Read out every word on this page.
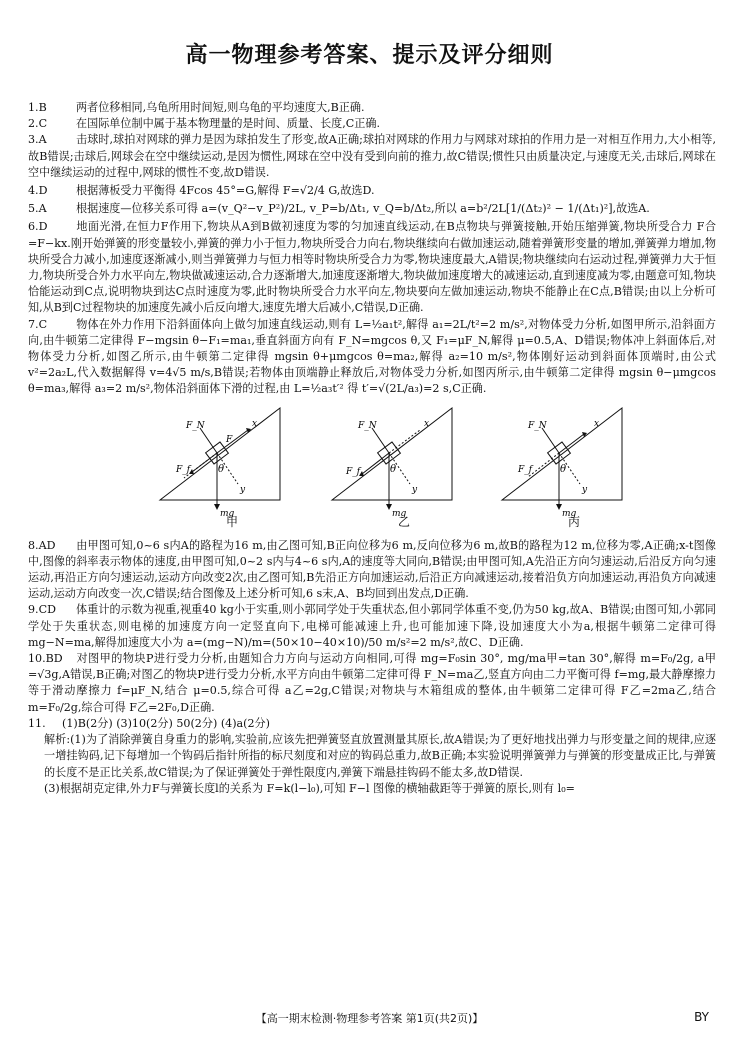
高一物理参考答案、提示及评分细则

1.B	两者位移相同,乌龟所用时间短,则乌龟的平均速度大,B正确.

2.C	在国际单位制中属于基本物理量的是时间、质量、长度,C正确.

3.A	击球时,球拍对网球的弹力是因为球拍发生了形变,故A正确;球拍对网球的作用力与网球对球拍的作用力是一对相互作用力,大小相等,故B错误;击球后,网球会在空中继续运动,是因为惯性,网球在空中没有受到向前的推力,故C错误;惯性只由质量决定,与速度无关,击球后,网球在空中继续运动的过程中,网球的惯性不变,故D错误.

4.D	根据薄板受力平衡得 4Fcos 45°=G,解得 F=√2/4 G,故选D.

5.A	根据速度—位移关系可得 a=(v_Q²−v_P²)/2L, v_P=b/Δt₁, v_Q=b/Δt₂,所以 a=b²/2L[1/(Δt₂)² − 1/(Δt₁)²],故选A.

6.D	地面光滑,在恒力F作用下,物块从A到B做初速度为零的匀加速直线运动,在B点物块与弹簧接触,开始压缩弹簧,物块所受合力 F合=F−kx.刚开始弹簧的形变量较小,弹簧的弹力小于恒力,物块所受合力向右,物块继续向右做加速运动,随着弹簧形变量的增加,弹簧弹力增加,物块所受合力减小,加速度逐渐减小,则当弹簧弹力与恒力相等时物块所受合力为零,物块速度最大,A错误;物块继续向右运动过程,弹簧弹力大于恒力,物块所受合外力水平向左,物块做减速运动,合力逐渐增大,加速度逐渐增大,物块做加速度增大的减速运动,直到速度减为零,由题意可知,物块恰能运动到C点,说明物块到达C点时速度为零,此时物块所受合力水平向左,物块要向左做加速运动,物块不能静止在C点,B错误;由以上分析可知,从B到C过程物块的加速度先减小后反向增大,速度先增大后减小,C错误,D正确.

7.C	物体在外力作用下沿斜面体向上做匀加速直线运动,则有 L=½a₁t²,解得 a₁=2L/t²=2 m/s²,对物体受力分析,如图甲所示,沿斜面方向,由牛顿第二定律得 F−mgsin θ−F₁=ma₁,垂直斜面方向有 F_N=mgcos θ,又 F₁=μF_N,解得 μ=0.5,A、D错误;物体冲上斜面体后,对物体受力分析,如图乙所示,由牛顿第二定律得 mgsin θ+μmgcos θ=ma₂,解得 a₂=10 m/s²,物体刚好运动到斜面体顶端时,由公式 v²=2a₂L,代入数据解得 v=4√5 m/s,B错误;若物体由顶端静止释放后,对物体受力分析,如图丙所示,由牛顿第二定律得 mgsin θ−μmgcos θ=ma₃,解得 a₃=2 m/s²,物体沿斜面体下滑的过程,由 L=½a₃t′² 得 t′=√(2L/a₃)=2 s,C正确.

θ
F_N
F
F_f
mg
x
y
甲
θ
F_N
F_f
mg
x
y
乙
θ
F_N
F_f
mg
x
y
丙

8.AD 由甲图可知,0~6 s内A的路程为16 m,由乙图可知,B正向位移为6 m,反向位移为6 m,故B的路程为12 m,位移为零,A正确;x-t图像中,图像的斜率表示物体的速度,由甲图可知,0~2 s内与4~6 s内,A的速度等大同向,B错误;由甲图可知,A先沿正方向匀速运动,后沿反方向匀速运动,再沿正方向匀速运动,运动方向改变2次,由乙图可知,B先沿正方向加速运动,后沿正方向减速运动,接着沿负方向加速运动,再沿负方向减速运动,运动方向改变一次,C错误;结合图像及上述分析可知,6 s末,A、B均回到出发点,D正确.

9.CD 体重计的示数为视重,视重40 kg小于实重,则小郭同学处于失重状态,但小郭同学体重不变,仍为50 kg,故A、B错误;由图可知,小郭同学处于失重状态,则电梯的加速度方向一定竖直向下,电梯可能减速上升,也可能加速下降,设加速度大小为a,根据牛顿第二定律可得 mg−N=ma,解得加速度大小为 a=(mg−N)/m=(50×10−40×10)/50 m/s²=2 m/s²,故C、D正确.

10.BD 对图甲的物块P进行受力分析,由题知合力方向与运动方向相同,可得 mg=F₀sin 30°, mg/ma甲=tan 30°,解得 m=F₀/2g, a甲=√3g,A错误,B正确;对图乙的物块P进行受力分析,水平方向由牛顿第二定律可得 F_N=ma乙,竖直方向由二力平衡可得 f=mg,最大静摩擦力等于滑动摩擦力 f=μF_N,结合 μ=0.5,综合可得 a乙=2g,C错误;对物块与木箱组成的整体,由牛顿第二定律可得 F乙=2ma乙,结合 m=F₀/2g,综合可得 F乙=2F₀,D正确.

11. (1)B(2分) (3)10(2分) 50(2分) (4)a(2分)

解析:(1)为了消除弹簧自身重力的影响,实验前,应该先把弹簧竖直放置测量其原长,故A错误;为了更好地找出弹力与形变量之间的规律,应逐一增挂钩码,记下每增加一个钩码后指针所指的标尺刻度和对应的钩码总重力,故B正确;本实验说明弹簧弹力与弹簧的形变量成正比,与弹簧的长度不是正比关系,故C错误;为了保证弹簧处于弹性限度内,弹簧下端悬挂钩码不能太多,故D错误.

(3)根据胡克定律,外力F与弹簧长度l的关系为 F=k(l−l₀),可知 F−l 图像的横轴截距等于弹簧的原长,则有 l₀=

【高一期末检测·物理参考答案 第1页(共2页)】	BY
